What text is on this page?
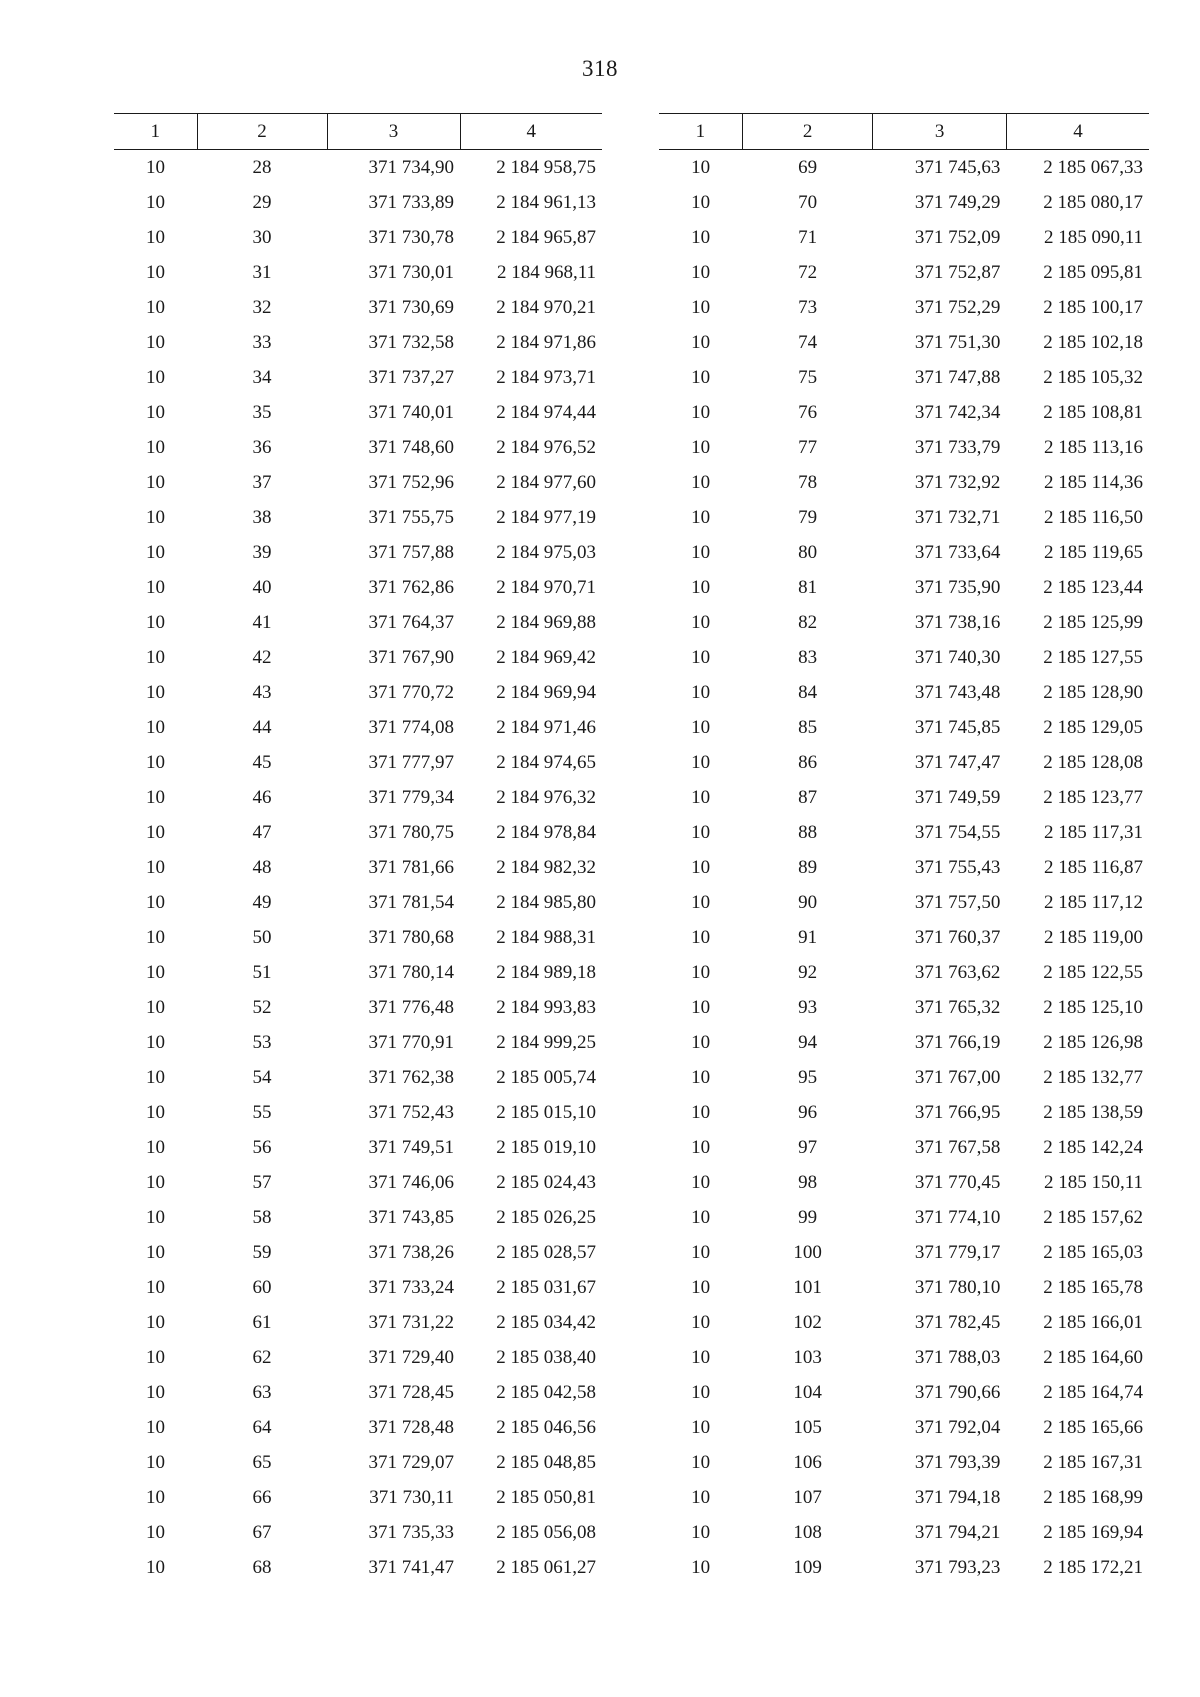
318
1	2	3	4
10	28	371 734,90	2 184 958,75
10	29	371 733,89	2 184 961,13
10	30	371 730,78	2 184 965,87
10	31	371 730,01	2 184 968,11
10	32	371 730,69	2 184 970,21
10	33	371 732,58	2 184 971,86
10	34	371 737,27	2 184 973,71
10	35	371 740,01	2 184 974,44
10	36	371 748,60	2 184 976,52
10	37	371 752,96	2 184 977,60
10	38	371 755,75	2 184 977,19
10	39	371 757,88	2 184 975,03
10	40	371 762,86	2 184 970,71
10	41	371 764,37	2 184 969,88
10	42	371 767,90	2 184 969,42
10	43	371 770,72	2 184 969,94
10	44	371 774,08	2 184 971,46
10	45	371 777,97	2 184 974,65
10	46	371 779,34	2 184 976,32
10	47	371 780,75	2 184 978,84
10	48	371 781,66	2 184 982,32
10	49	371 781,54	2 184 985,80
10	50	371 780,68	2 184 988,31
10	51	371 780,14	2 184 989,18
10	52	371 776,48	2 184 993,83
10	53	371 770,91	2 184 999,25
10	54	371 762,38	2 185 005,74
10	55	371 752,43	2 185 015,10
10	56	371 749,51	2 185 019,10
10	57	371 746,06	2 185 024,43
10	58	371 743,85	2 185 026,25
10	59	371 738,26	2 185 028,57
10	60	371 733,24	2 185 031,67
10	61	371 731,22	2 185 034,42
10	62	371 729,40	2 185 038,40
10	63	371 728,45	2 185 042,58
10	64	371 728,48	2 185 046,56
10	65	371 729,07	2 185 048,85
10	66	371 730,11	2 185 050,81
10	67	371 735,33	2 185 056,08
10	68	371 741,47	2 185 061,27
1	2	3	4
10	69	371 745,63	2 185 067,33
10	70	371 749,29	2 185 080,17
10	71	371 752,09	2 185 090,11
10	72	371 752,87	2 185 095,81
10	73	371 752,29	2 185 100,17
10	74	371 751,30	2 185 102,18
10	75	371 747,88	2 185 105,32
10	76	371 742,34	2 185 108,81
10	77	371 733,79	2 185 113,16
10	78	371 732,92	2 185 114,36
10	79	371 732,71	2 185 116,50
10	80	371 733,64	2 185 119,65
10	81	371 735,90	2 185 123,44
10	82	371 738,16	2 185 125,99
10	83	371 740,30	2 185 127,55
10	84	371 743,48	2 185 128,90
10	85	371 745,85	2 185 129,05
10	86	371 747,47	2 185 128,08
10	87	371 749,59	2 185 123,77
10	88	371 754,55	2 185 117,31
10	89	371 755,43	2 185 116,87
10	90	371 757,50	2 185 117,12
10	91	371 760,37	2 185 119,00
10	92	371 763,62	2 185 122,55
10	93	371 765,32	2 185 125,10
10	94	371 766,19	2 185 126,98
10	95	371 767,00	2 185 132,77
10	96	371 766,95	2 185 138,59
10	97	371 767,58	2 185 142,24
10	98	371 770,45	2 185 150,11
10	99	371 774,10	2 185 157,62
10	100	371 779,17	2 185 165,03
10	101	371 780,10	2 185 165,78
10	102	371 782,45	2 185 166,01
10	103	371 788,03	2 185 164,60
10	104	371 790,66	2 185 164,74
10	105	371 792,04	2 185 165,66
10	106	371 793,39	2 185 167,31
10	107	371 794,18	2 185 168,99
10	108	371 794,21	2 185 169,94
10	109	371 793,23	2 185 172,21
